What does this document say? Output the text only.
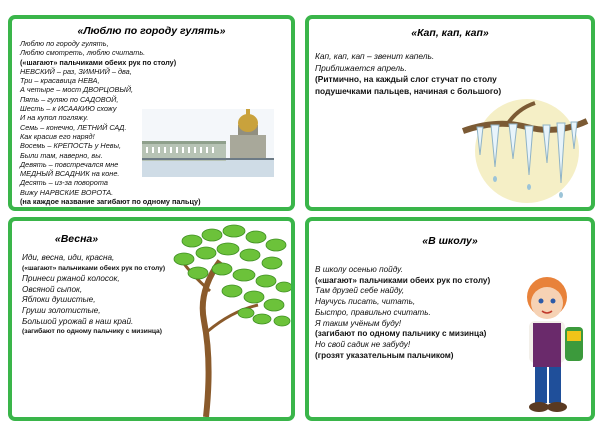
«Люблю по городу гулять»
Люблю по городу гулять,
Люблю смотреть, люблю считать.
(«шагают» пальчиками обеих рук по столу)
НЕВСКИЙ – раз, ЗИМНИЙ – два,
Три – красавица НЕВА,
А четыре – мост ДВОРЦОВЫЙ,
Пять – гуляю по САДОВОЙ,
Шесть – к ИСААКИЮ схожу
И на купол погляжу.
Семь – конечно, ЛЕТНИЙ САД.
Как красив его наряд!
Восемь – КРЕПОСТЬ у Невы,
Были там, наверно, вы.
Девять – повстречался мне
МЕДНЫЙ ВСАДНИК на коне.
Десять – из-за поворота
Вижу НАРВСКИЕ ВОРОТА.
(на каждое название загибают по одному пальцу)
«Кап, кап, кап»
Кап, кап, кап – звенит капель.
Приближается апрель.
(Ритмично, на каждый слог стучат по столу
подушечками пальцев, начиная с большого)
«Весна»
Иди, весна, иди, красна,
(«шагают» пальчиками обеих рук по столу)
Принеси ржаной колосок,
Овсяной сыпок,
Яблоки душистые,
Груши золотистые,
Большой урожай в наш край.
(загибают по одному пальчику с мизинца)
«В школу»
В школу осенью пойду.
(«шагают» пальчиками обеих рук по столу)
Там друзей себе найду,
Научусь писать, читать,
Быстро, правильно считать.
Я таким учёным буду!
(загибают по одному пальчику с мизинца)
Но свой садик не забуду!
(грозят указательным пальчиком)
